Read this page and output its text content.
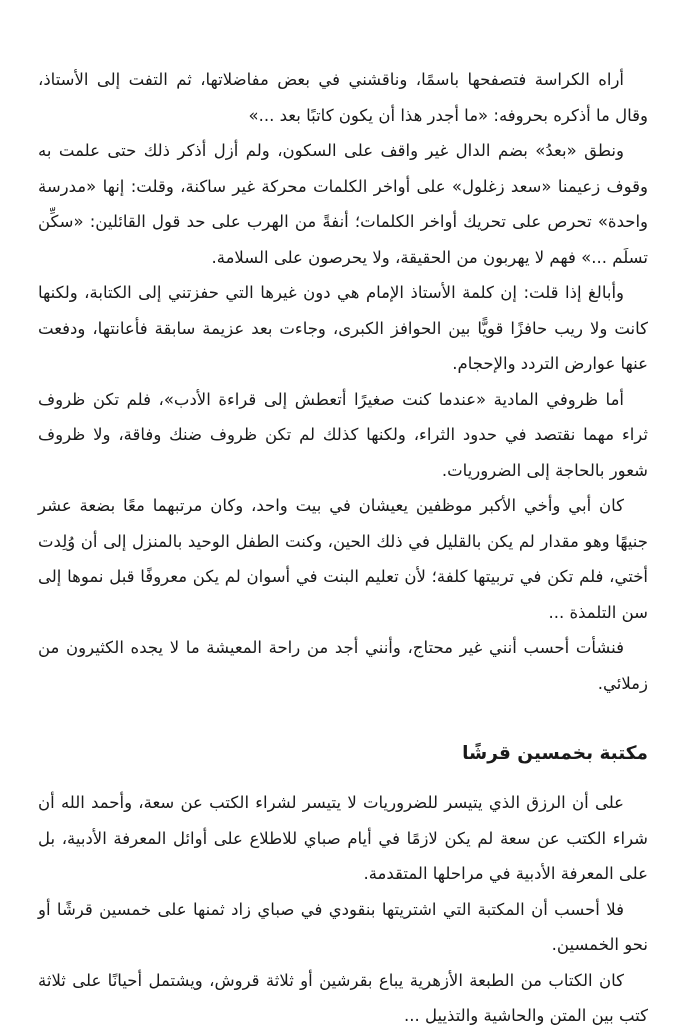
أراه الكراسة فتصفحها باسمًا، وناقشني في بعض مفاضلاتها، ثم التفت إلى الأستاذ، وقال ما أذكره بحروفه: «ما أجدر هذا أن يكون كاتبًا بعد ...»

ونطق «بعدُ» بضم الدال غير واقف على السكون، ولم أزل أذكر ذلك حتى علمت به وقوف زعيمنا «سعد زغلول» على أواخر الكلمات محركة غير ساكنة، وقلت: إنها «مدرسة واحدة» تحرص على تحريك أواخر الكلمات؛ أنفةً من الهرب على حد قول القائلين: «سكِّن تسلَم ...» فهم لا يهربون من الحقيقة، ولا يحرصون على السلامة.

وأبالغ إذا قلت: إن كلمة الأستاذ الإمام هي دون غيرها التي حفزتني إلى الكتابة، ولكنها كانت ولا ريب حافزًا قويًّا بين الحوافز الكبرى، وجاءت بعد عزيمة سابقة فأعانتها، ودفعت عنها عوارض التردد والإحجام.

أما ظروفي المادية «عندما كنت صغيرًا أتعطش إلى قراءة الأدب»، فلم تكن ظروف ثراء مهما نقتصد في حدود الثراء، ولكنها كذلك لم تكن ظروف ضنك وفاقة، ولا ظروف شعور بالحاجة إلى الضروريات.

كان أبي وأخي الأكبر موظفين يعيشان في بيت واحد، وكان مرتبهما معًا بضعة عشر جنيهًا وهو مقدار لم يكن بالقليل في ذلك الحين، وكنت الطفل الوحيد بالمنزل إلى أن وُلِدت أختي، فلم تكن في تربيتها كلفة؛ لأن تعليم البنت في أسوان لم يكن معروفًا قبل نموها إلى سن التلمذة ...

فنشأت أحسب أنني غير محتاج، وأنني أجد من راحة المعيشة ما لا يجده الكثيرون من زملائي.

مكتبة بخمسين قرشًا

على أن الرزق الذي يتيسر للضروريات لا يتيسر لشراء الكتب عن سعة، وأحمد الله أن شراء الكتب عن سعة لم يكن لازمًا في أيام صباي للاطلاع على أوائل المعرفة الأدبية، بل على المعرفة الأدبية في مراحلها المتقدمة.

فلا أحسب أن المكتبة التي اشتريتها بنقودي في صباي زاد ثمنها على خمسين قرشًا أو نحو الخمسين.

كان الكتاب من الطبعة الأزهرية يباع بقرشين أو ثلاثة قروش، ويشتمل أحيانًا على ثلاثة كتب بين المتن والحاشية والتذييل ...
